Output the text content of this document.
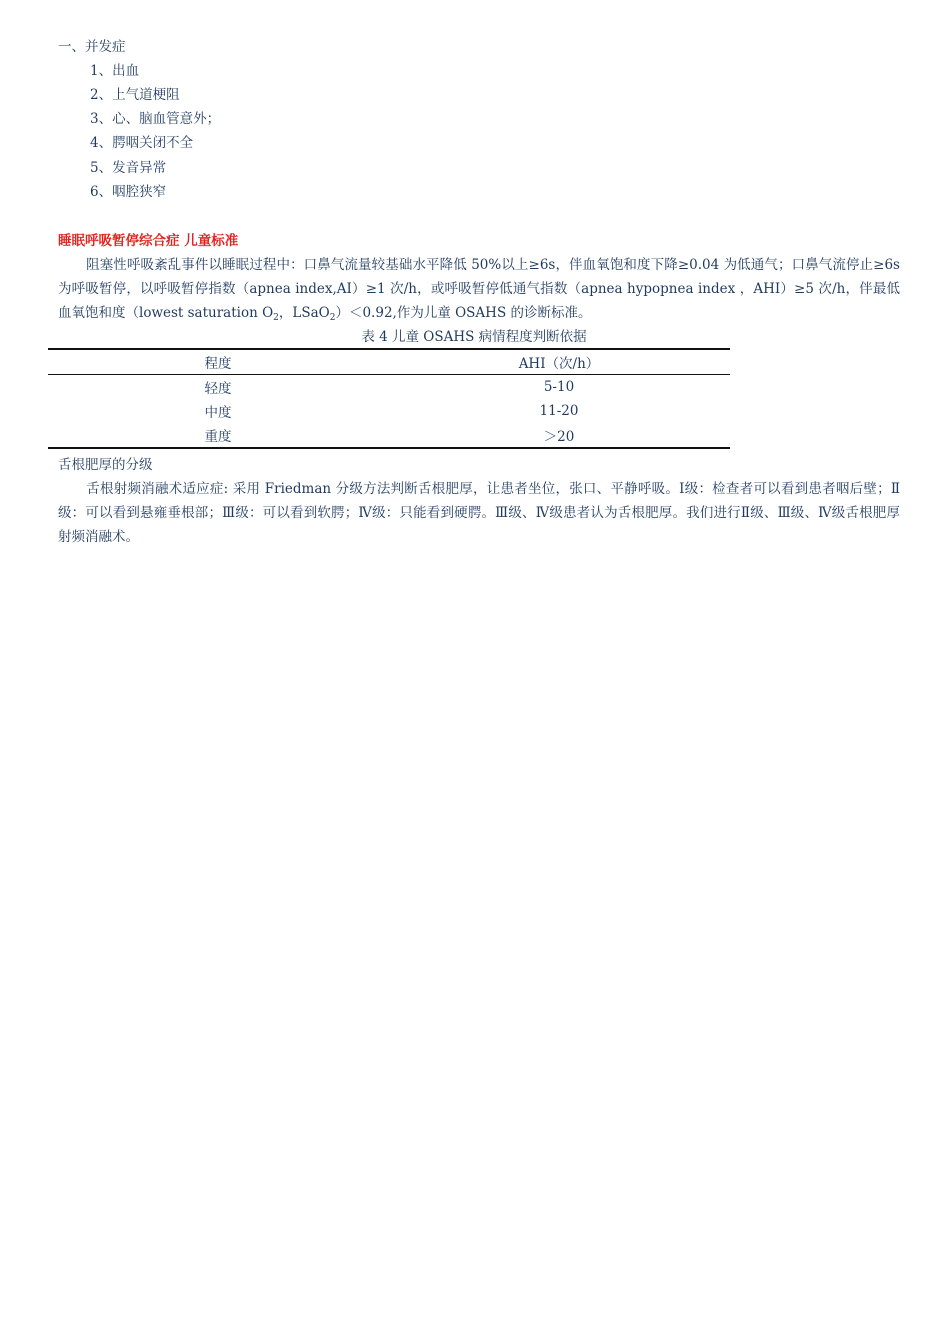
一、并发症
1、出血
2、上气道梗阻
3、心、脑血管意外；
4、腭咽关闭不全
5、发音异常
6、咽腔狭窄
睡眠呼吸暂停综合症 儿童标准
阻塞性呼吸紊乱事件以睡眠过程中：口鼻气流量较基础水平降低 50%以上≥6s，伴血氧饱和度下降≥0.04 为低通气；口鼻气流停止≥6s 为呼吸暂停，以呼吸暂停指数（apnea index,AI）≥1 次/h，或呼吸暂停低通气指数（apnea hypopnea index ，AHI）≥5 次/h，伴最低血氧饱和度（lowest saturation $O_2$，LSaO$_2$）＜0.92,作为儿童 OSAHS 的诊断标准。
表 4 儿童 OSAHS 病情程度判断依据
程度	AHI（次/h）
轻度	5-10
中度	11-20
重度	＞20
舌根肥厚的分级
舌根射频消融术适应症: 采用 Friedman 分级方法判断舌根肥厚，让患者坐位，张口、平静呼吸。Ⅰ级：检查者可以看到患者咽后壁；Ⅱ级：可以看到悬雍垂根部；Ⅲ级：可以看到软腭；Ⅳ级：只能看到硬腭。Ⅲ级、Ⅳ级患者认为舌根肥厚。我们进行Ⅱ级、Ⅲ级、Ⅳ级舌根肥厚射频消融术。
